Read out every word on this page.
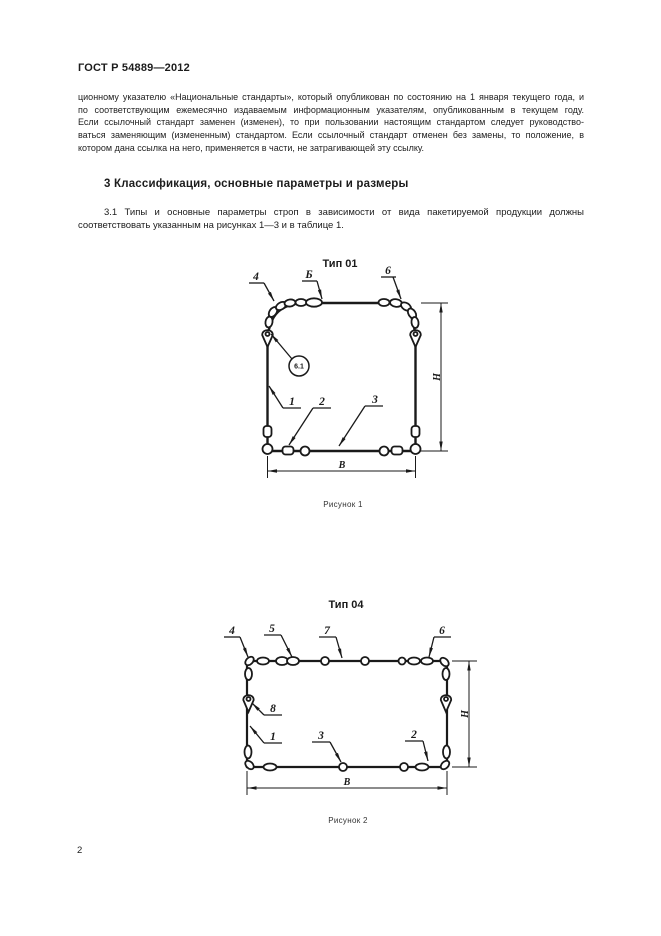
ГОСТ Р 54889—2012
ционному указателю «Национальные стандарты», который опубликован по состоянию на 1 января текущего года, и
по соответствующим ежемесячно издаваемым информационным указателям, опубликованным в текущем году.
Если ссылочный стандарт заменен (изменен), то при пользовании настоящим стандартом следует руководство-
ваться заменяющим (измененным) стандартом. Если ссылочный стандарт отменен без замены, то положение, в
котором дана ссылка на него, применяется в части, не затрагивающей эту ссылку.
3 Классификация, основные параметры и размеры
3.1 Типы и основные параметры строп в зависимости от вида пакетируемой продукции должны
соответствовать указанным на рисунках 1—3 и в таблице 1.
Тип 01
4	Б	6
6.1
1 2	3
В
Н
Рисунок 1
Тип 04
4	5	7	6
8
1	3	2
В
Н
Рисунок 2
2
